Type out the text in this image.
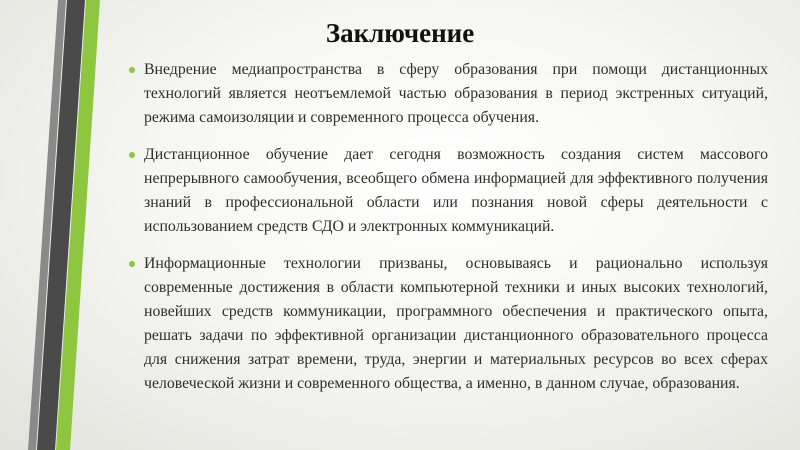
Заключение
Внедрение медиапространства в сферу образования при помощи дистанционных технологий является неотъемлемой частью образования в период экстренных ситуаций, режима самоизоляции и современного процесса обучения.
Дистанционное обучение дает сегодня возможность создания систем массового непрерывного самообучения, всеобщего обмена информацией для эффективного получения знаний в профессиональной области или познания новой сферы деятельности с использованием средств СДО и электронных коммуникаций.
Информационные технологии призваны, основываясь и рационально используя современные достижения в области компьютерной техники и иных высоких технологий, новейших средств коммуникации, программного обеспечения и практического опыта, решать задачи по эффективной организации дистанционного образовательного процесса для снижения затрат времени, труда, энергии и материальных ресурсов во всех сферах человеческой жизни и современного общества, а именно, в данном случае, образования.
